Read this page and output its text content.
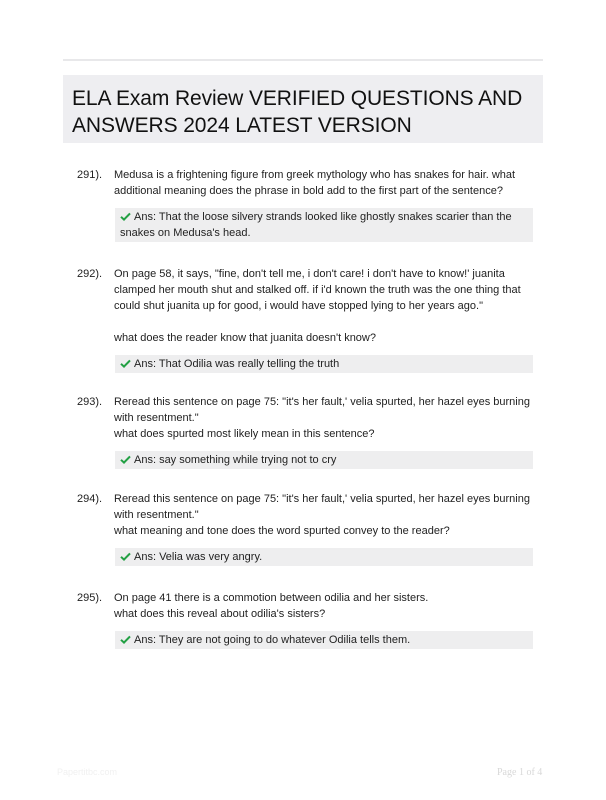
ELA Exam Review VERIFIED QUESTIONS AND ANSWERS 2024 LATEST VERSION
291). Medusa is a frightening figure from greek mythology who has snakes for hair. what additional meaning does the phrase in bold add to the first part of the sentence?

Ans: That the loose silvery strands looked like ghostly snakes scarier than the snakes on Medusa's head.
292). On page 58, it says, "fine, don't tell me, i don't care! i don't have to know!' juanita clamped her mouth shut and stalked off. if i'd known the truth was the one thing that could shut juanita up for good, i would have stopped lying to her years ago."

what does the reader know that juanita doesn't know?

Ans: That Odilia was really telling the truth
293). Reread this sentence on page 75: "it's her fault,' velia spurted, her hazel eyes burning with resentment."

what does spurted most likely mean in this sentence?

Ans: say something while trying not to cry
294). Reread this sentence on page 75: "it's her fault,' velia spurted, her hazel eyes burning with resentment."

what meaning and tone does the word spurted convey to the reader?

Ans: Velia was very angry.
295). On page 41 there is a commotion between odilia and her sisters.

what does this reveal about odilia's sisters?

Ans: They are not going to do whatever Odilia tells them.
Papertitbc.com	Page 1 of 4
